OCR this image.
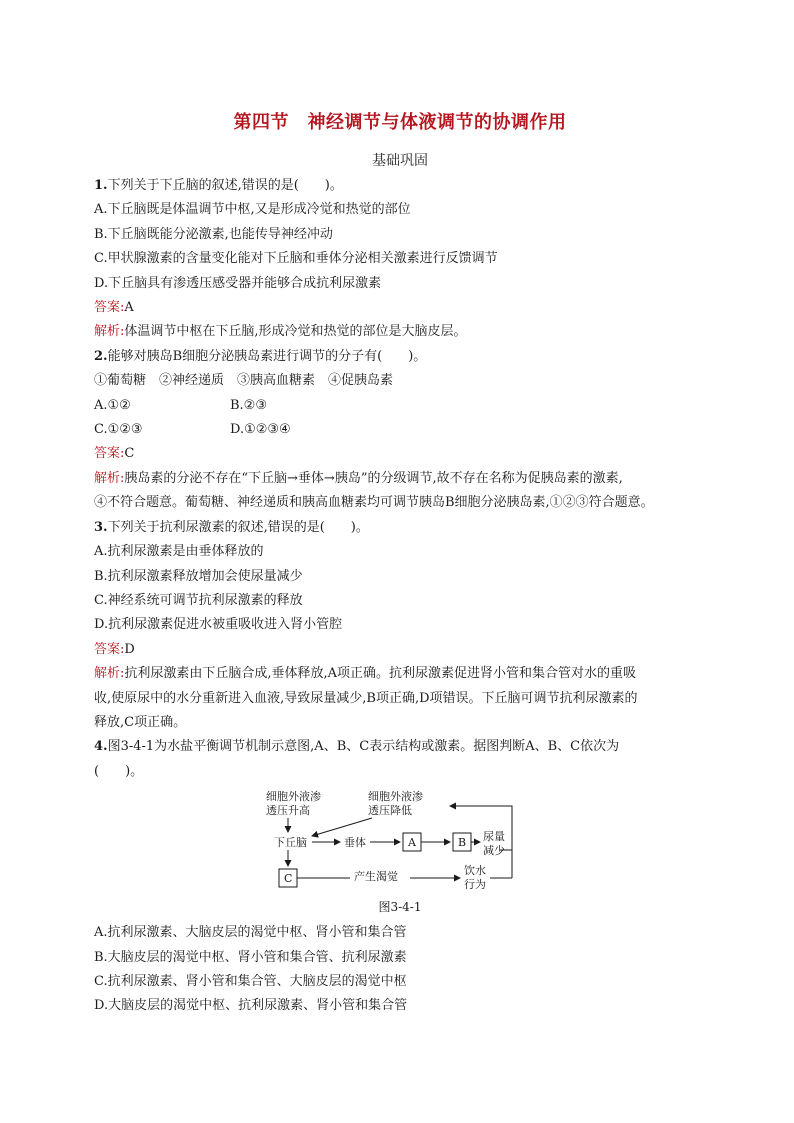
第四节　神经调节与体液调节的协调作用
基础巩固
1.下列关于下丘脑的叙述,错误的是(　　)。
A.下丘脑既是体温调节中枢,又是形成冷觉和热觉的部位
B.下丘脑既能分泌激素,也能传导神经冲动
C.甲状腺激素的含量变化能对下丘脑和垂体分泌相关激素进行反馈调节
D.下丘脑具有渗透压感受器并能够合成抗利尿激素
答案:A
解析:体温调节中枢在下丘脑,形成冷觉和热觉的部位是大脑皮层。
2.能够对胰岛B细胞分泌胰岛素进行调节的分子有(　　)。
①葡萄糖　②神经递质　③胰高血糖素　④促胰岛素
A.①②	B.②③
C.①②③	D.①②③④
答案:C
解析:胰岛素的分泌不存在“下丘脑→垂体→胰岛”的分级调节,故不存在名称为促胰岛素的激素,
④不符合题意。葡萄糖、神经递质和胰高血糖素均可调节胰岛B细胞分泌胰岛素,①②③符合题意。
3.下列关于抗利尿激素的叙述,错误的是(　　)。
A.抗利尿激素是由垂体释放的
B.抗利尿激素释放增加会使尿量减少
C.神经系统可调节抗利尿激素的释放
D.抗利尿激素促进水被重吸收进入肾小管腔
答案:D
解析:抗利尿激素由下丘脑合成,垂体释放,A项正确。抗利尿激素促进肾小管和集合管对水的重吸
收,使原尿中的水分重新进入血液,导致尿量减少,B项正确,D项错误。下丘脑可调节抗利尿激素的
释放,C项正确。
4.图3-4-1为水盐平衡调节机制示意图,A、B、C表示结构或激素。据图判断A、B、C依次为
(　　)。
细胞外液渗
透压升高
细胞外液渗
透压降低
下丘脑	垂体	A	B 尿量
减少
C	产生渴觉	饮水
行为
图3-4-1
A.抗利尿激素、大脑皮层的渴觉中枢、肾小管和集合管
B.大脑皮层的渴觉中枢、肾小管和集合管、抗利尿激素
C.抗利尿激素、肾小管和集合管、大脑皮层的渴觉中枢
D.大脑皮层的渴觉中枢、抗利尿激素、肾小管和集合管
